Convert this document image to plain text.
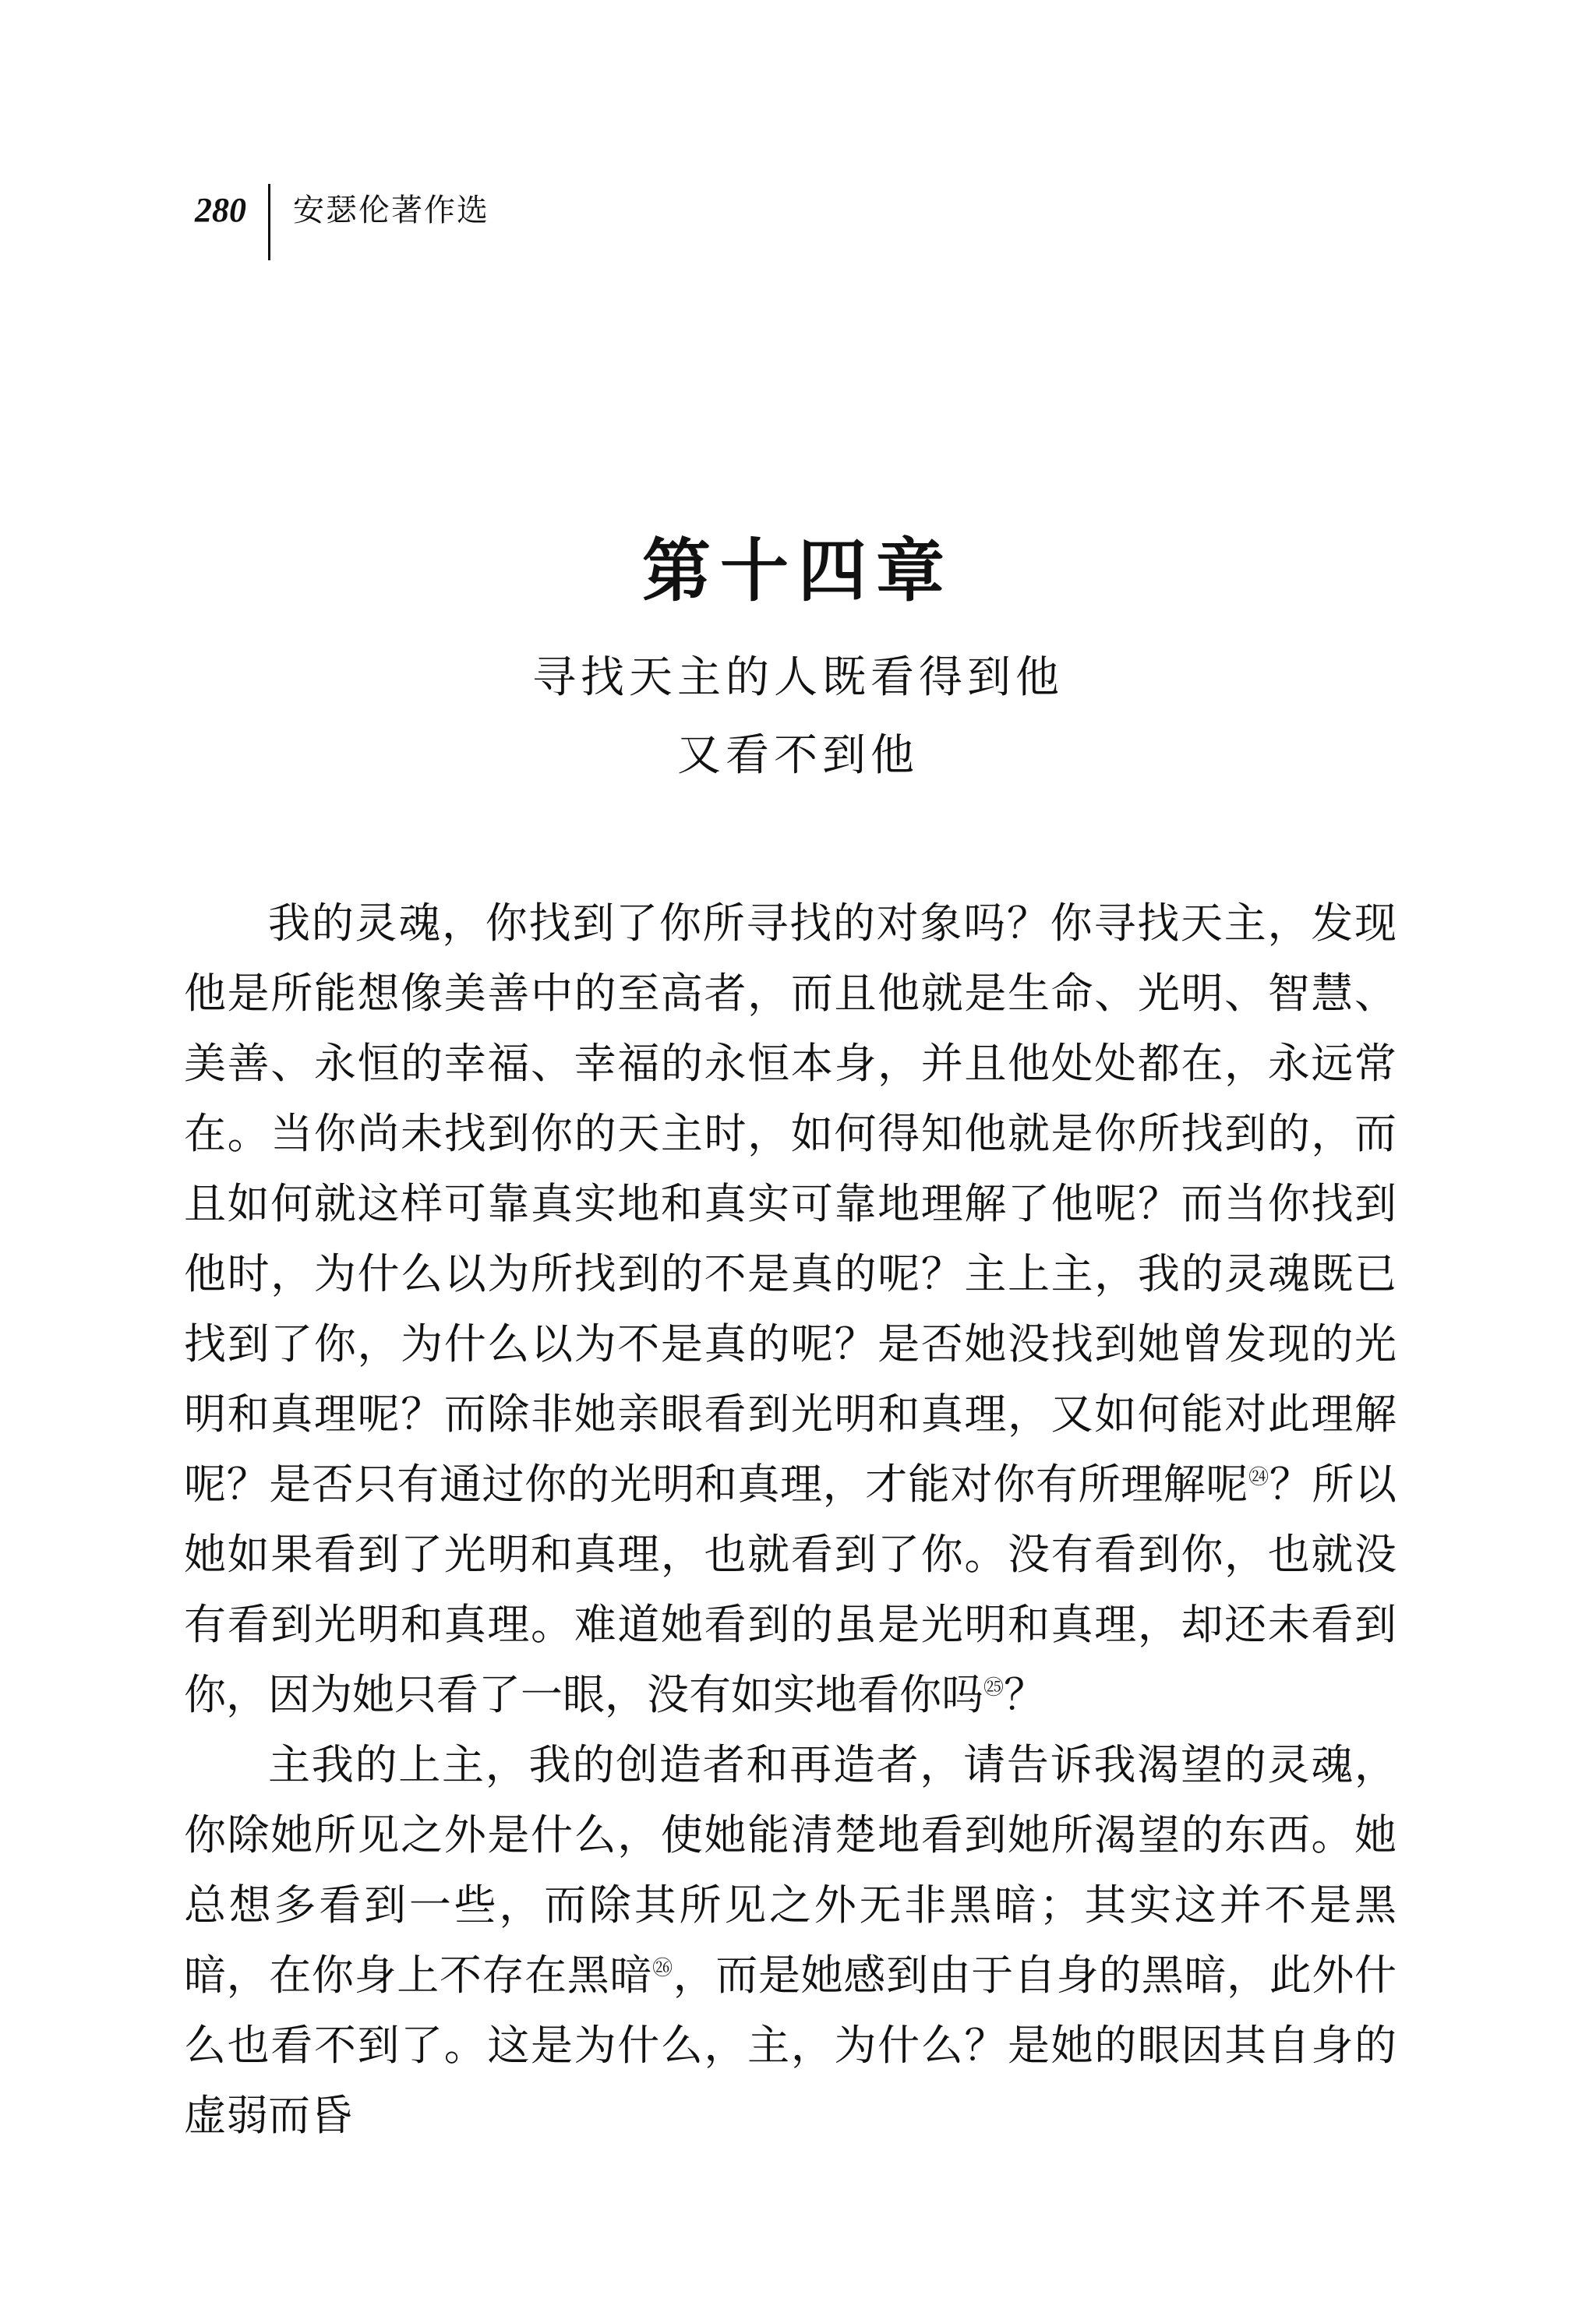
280 安瑟伦著作选
第十四章
寻找天主的人既看得到他
又看不到他

我的灵魂，你找到了你所寻找的对象吗？你寻找天主，发现他是所能想像美善中的至高者，而且他就是生命、光明、智慧、美善、永恒的幸福、幸福的永恒本身，并且他处处都在，永远常在。当你尚未找到你的天主时，如何得知他就是你所找到的，而且如何就这样可靠真实地和真实可靠地理解了他呢？而当你找到他时，为什么以为所找到的不是真的呢？主上主，我的灵魂既已找到了你，为什么以为不是真的呢？是否她没找到她曾发现的光明和真理呢？而除非她亲眼看到光明和真理，又如何能对此理解呢？是否只有通过你的光明和真理，才能对你有所理解呢$^㉔$？所以她如果看到了光明和真理，也就看到了你。没有看到你，也就没有看到光明和真理。难道她看到的虽是光明和真理，却还未看到你，因为她只看了一眼，没有如实地看你吗$^㉕$？

主我的上主，我的创造者和再造者，请告诉我渴望的灵魂，你除她所见之外是什么，使她能清楚地看到她所渴望的东西。她总想多看到一些，而除其所见之外无非黑暗；其实这并不是黑暗，在你身上不存在黑暗$^㉖$，而是她感到由于自身的黑暗，此外什么也看不到了。这是为什么，主，为什么？是她的眼因其自身的虚弱而昏
